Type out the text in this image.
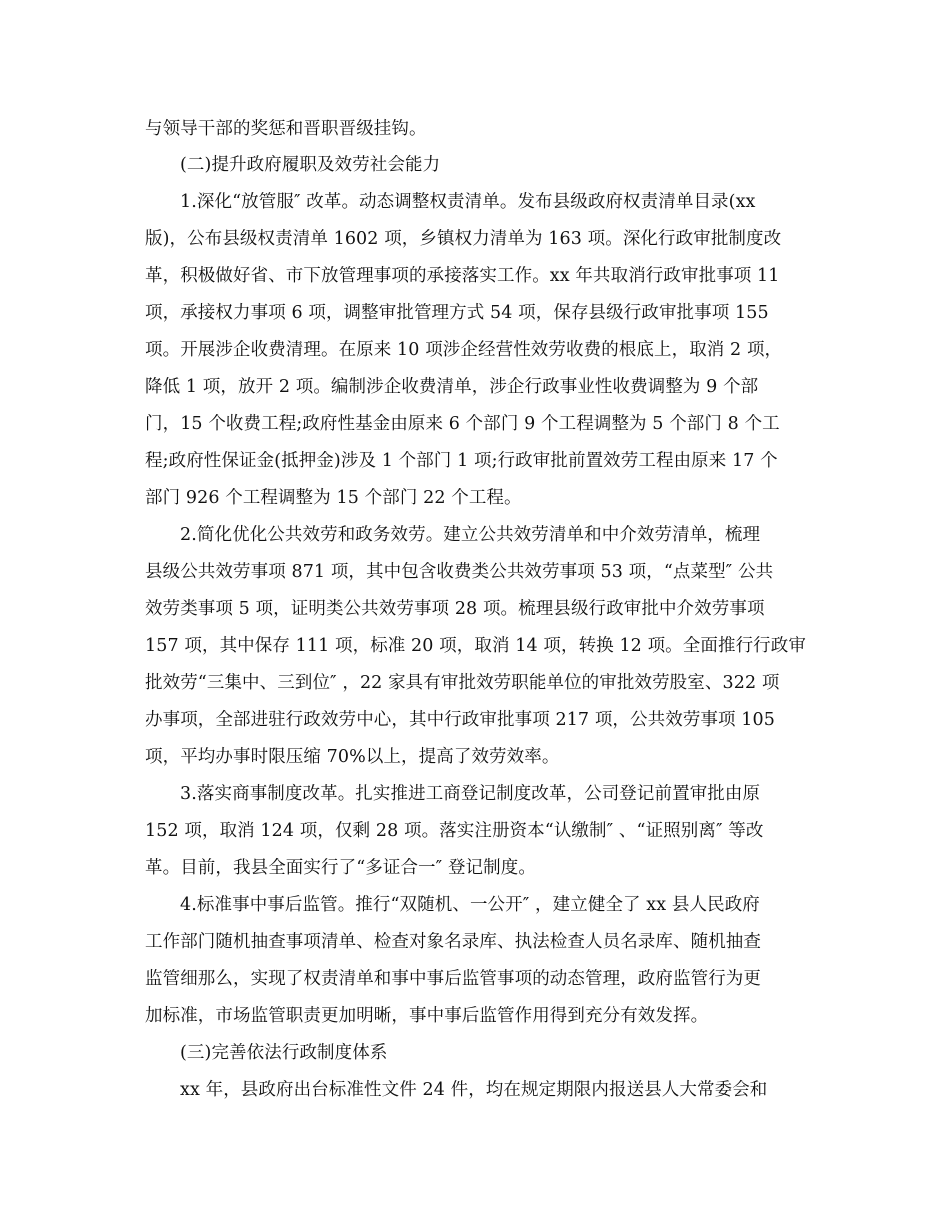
与领导干部的奖惩和晋职晋级挂钩。
(二)提升政府履职及效劳社会能力
1.深化“放管服″ 改革。动态调整权责清单。发布县级政府权责清单目录(xx
版)，公布县级权责清单 1602 项，乡镇权力清单为 163 项。深化行政审批制度改
革，积极做好省、市下放管理事项的承接落实工作。xx 年共取消行政审批事项 11
项，承接权力事项 6 项，调整审批管理方式 54 项，保存县级行政审批事项 155
项。开展涉企收费清理。在原来 10 项涉企经营性效劳收费的根底上，取消 2 项，
降低 1 项，放开 2 项。编制涉企收费清单，涉企行政事业性收费调整为 9 个部
门，15 个收费工程;政府性基金由原来 6 个部门 9 个工程调整为 5 个部门 8 个工
程;政府性保证金(抵押金)涉及 1 个部门 1 项;行政审批前置效劳工程由原来 17 个
部门 926 个工程调整为 15 个部门 22 个工程。
2.简化优化公共效劳和政务效劳。建立公共效劳清单和中介效劳清单，梳理
县级公共效劳事项 871 项，其中包含收费类公共效劳事项 53 项，“点菜型″ 公共
效劳类事项 5 项，证明类公共效劳事项 28 项。梳理县级行政审批中介效劳事项
157 项，其中保存 111 项，标准 20 项，取消 14 项，转换 12 项。全面推行行政审
批效劳“三集中、三到位″ ，22 家具有审批效劳职能单位的审批效劳股室、322 项
办事项，全部进驻行政效劳中心，其中行政审批事项 217 项，公共效劳事项 105
项，平均办事时限压缩 70%以上，提高了效劳效率。
3.落实商事制度改革。扎实推进工商登记制度改革，公司登记前置审批由原
152 项，取消 124 项，仅剩 28 项。落实注册资本“认缴制″ 、“证照别离″ 等改
革。目前，我县全面实行了“多证合一″ 登记制度。
4.标准事中事后监管。推行“双随机、一公开″ ，建立健全了 xx 县人民政府
工作部门随机抽查事项清单、检查对象名录库、执法检查人员名录库、随机抽查
监管细那么，实现了权责清单和事中事后监管事项的动态管理，政府监管行为更
加标准，市场监管职责更加明晰，事中事后监管作用得到充分有效发挥。
(三)完善依法行政制度体系
xx 年，县政府出台标准性文件 24 件，均在规定期限内报送县人大常委会和
